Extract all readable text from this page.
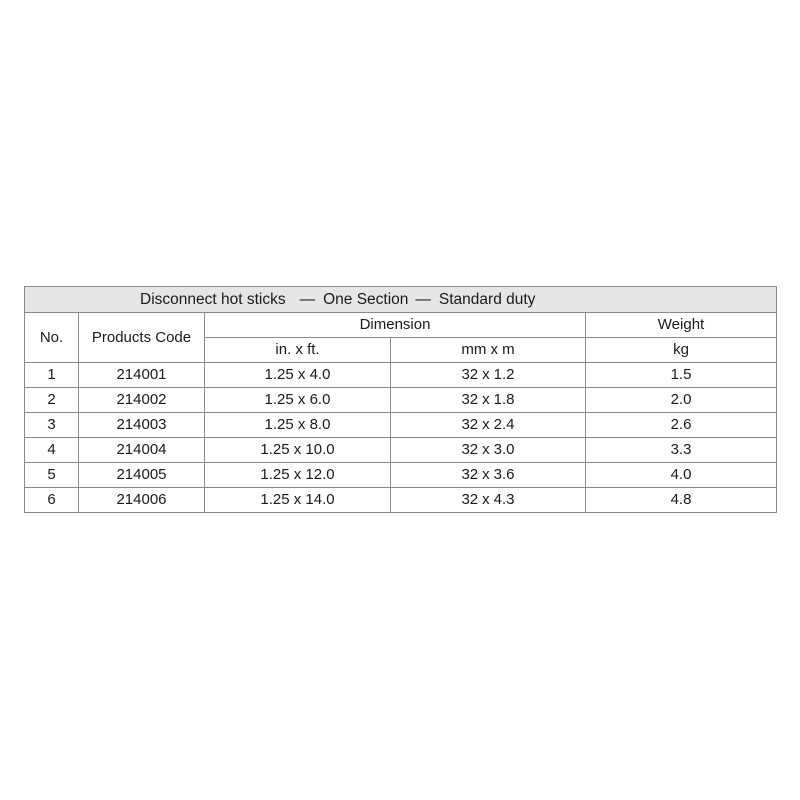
Disconnect hot sticks — One Section — Standard duty				
No.	Products Code	Dimension		Weight
		in. x ft.	mm x m	kg
1	214001	1.25 x 4.0	32 x 1.2	1.5
2	214002	1.25 x 6.0	32 x 1.8	2.0
3	214003	1.25 x 8.0	32 x 2.4	2.6
4	214004	1.25 x 10.0	32 x 3.0	3.3
5	214005	1.25 x 12.0	32 x 3.6	4.0
6	214006	1.25 x 14.0	32 x 4.3	4.8
